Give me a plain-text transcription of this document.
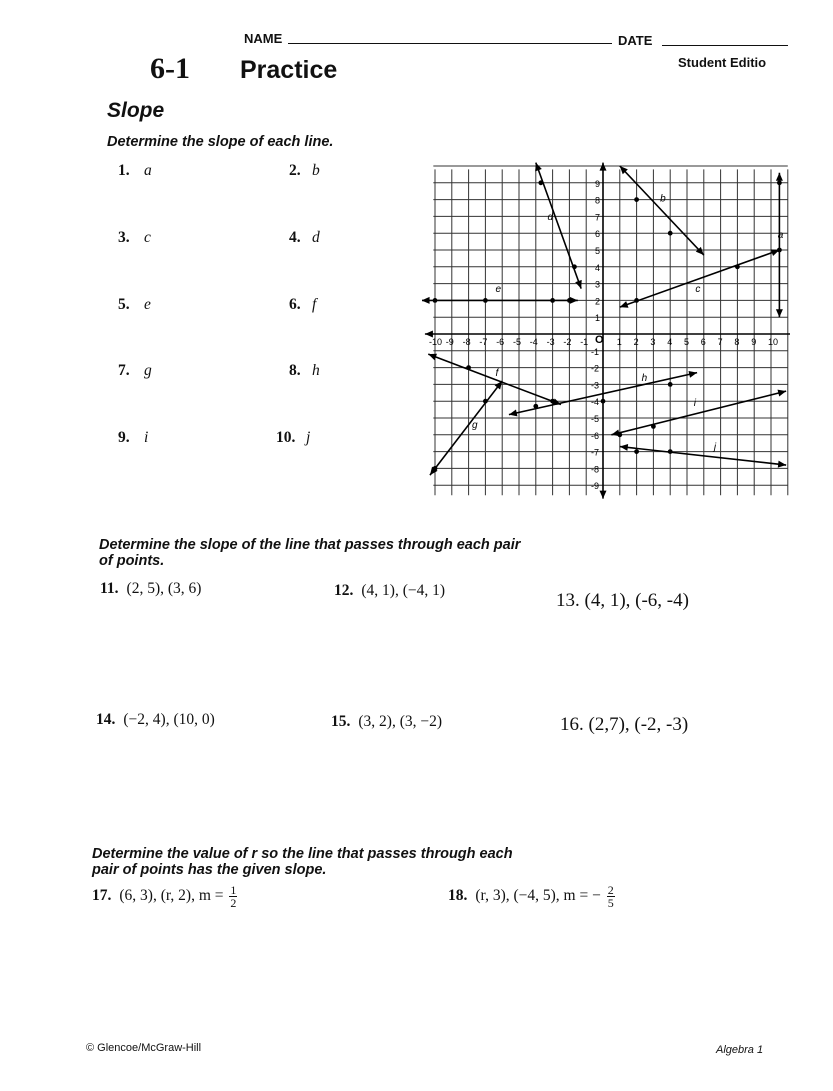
NAME	DATE
6-1 Practice	Student Editio
Slope
Determine the slope of each line.
1. a	2. b
3. c	4. d
5. e	6. f
7. g	8. h
9. i	10. j
a
b
c
d
e
f
g
h
i
j
-10 -9 -8 -7 -6 -5 -4 -3 -2 -1 O 1 2 3 4 5 6 7 8 9 10
9
8
7
6
5
4
3
2
1
-1
-2
-3
-4
-5
-6
-7
-8
-9
Determine the slope of the line that passes through each pair
of points.
11. (2, 5), (3, 6)	12. (4, 1), (−4, 1)	13. (4, 1), (-6, -4)
14. (−2, 4), (10, 0)	15. (3, 2), (3, −2)	16. (2,7), (-2, -3)
Determine the value of r so the line that passes through each
pair of points has the given slope.
17. (6, 3), (r, 2), $m = \frac{1}{2}$	18. (r, 3), (−4, 5), m = − $\frac{2}{5}$
© Glencoe/McGraw-Hill	Algebra 1
